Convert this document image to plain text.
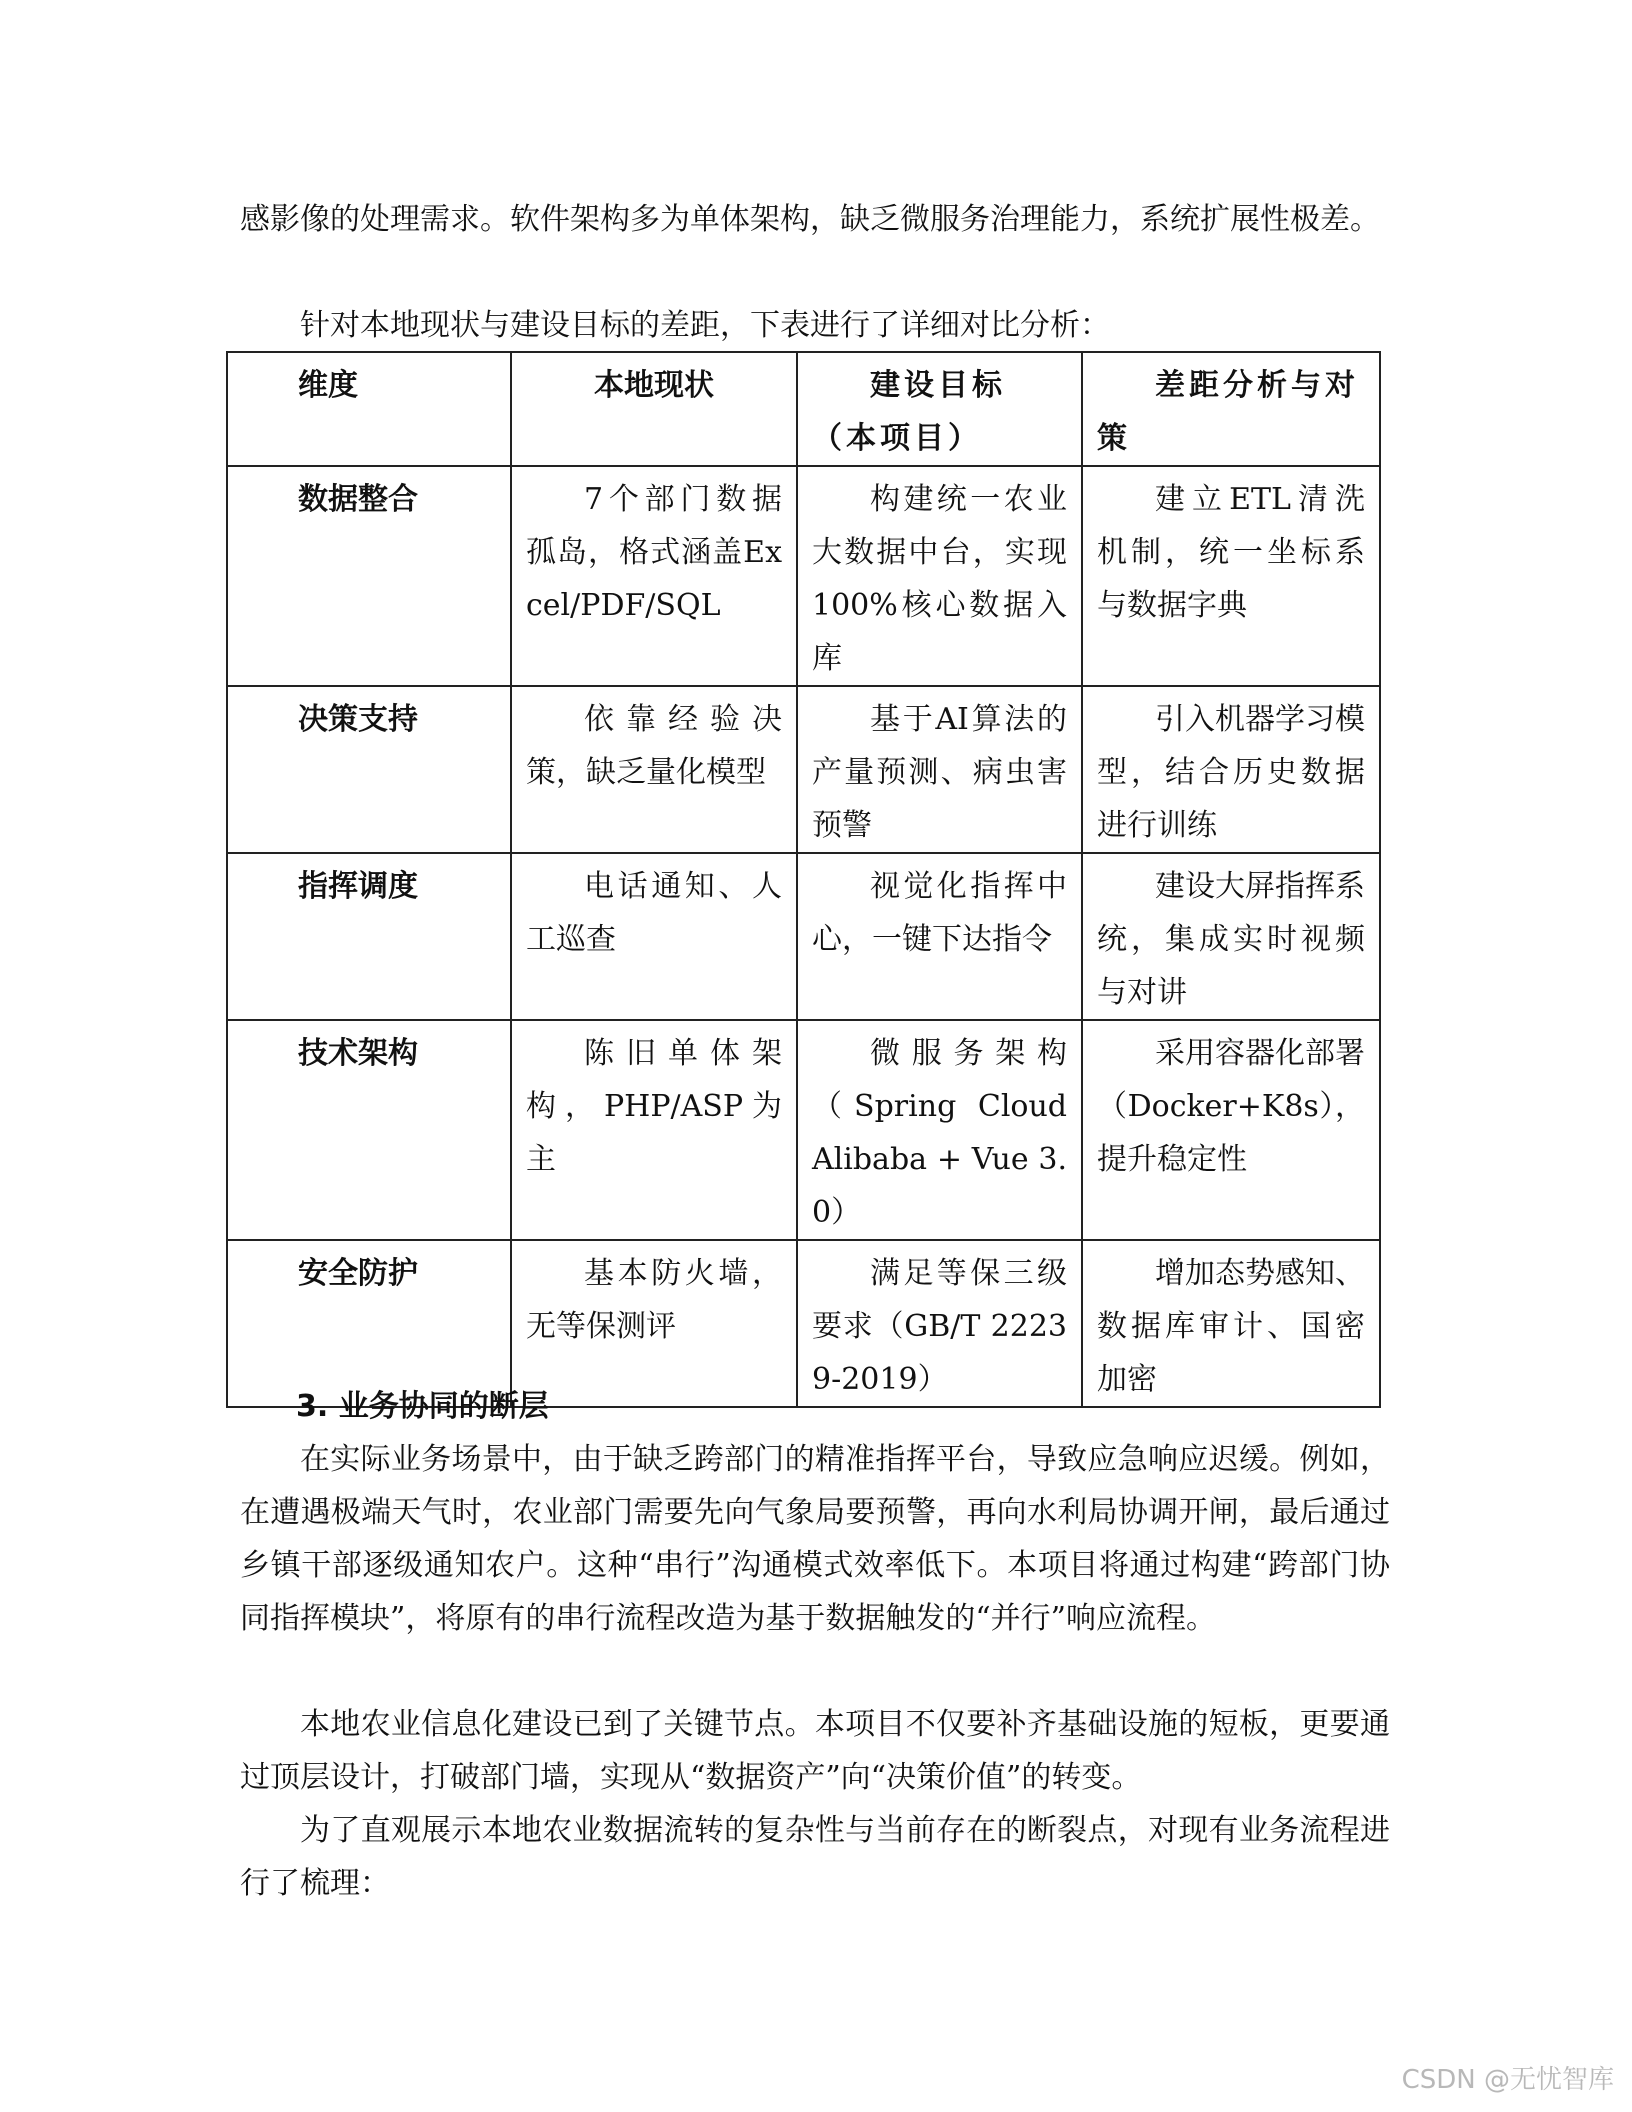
感影像的处理需求。软件架构多为单体架构，缺乏微服务治理能力，系统扩展性极差。

针对本地现状与建设目标的差距，下表进行了详细对比分析：

维度	本地现状	建设目标（本项目）	差距分析与对策
数据整合	7个部门数据孤岛，格式涵盖Excel/PDF/SQL	构建统一农业大数据中台，实现100%核心数据入库	建立ETL清洗机制，统一坐标系与数据字典
决策支持	依靠经验决策，缺乏量化模型	基于AI算法的产量预测、病虫害预警	引入机器学习模型，结合历史数据进行训练
指挥调度	电话通知、人工巡查	视觉化指挥中心，一键下达指令	建设大屏指挥系统，集成实时视频与对讲
技术架构	陈旧单体架构，PHP/ASP为主	微服务架构（Spring Cloud Alibaba + Vue 3.0）	采用容器化部署（Docker+K8s），提升稳定性
安全防护	基本防火墙，无等保测评	满足等保三级要求（GB/T 22239-2019）	增加态势感知、数据库审计、国密加密

3. 业务协同的断层

在实际业务场景中，由于缺乏跨部门的精准指挥平台，导致应急响应迟缓。例如，在遭遇极端天气时，农业部门需要先向气象局要预警，再向水利局协调开闸，最后通过乡镇干部逐级通知农户。这种“串行”沟通模式效率低下。本项目将通过构建“跨部门协同指挥模块”，将原有的串行流程改造为基于数据触发的“并行”响应流程。

本地农业信息化建设已到了关键节点。本项目不仅要补齐基础设施的短板，更要通过顶层设计，打破部门墙，实现从“数据资产”向“决策价值”的转变。

为了直观展示本地农业数据流转的复杂性与当前存在的断裂点，对现有业务流程进行了梳理：

CSDN @无忧智库
